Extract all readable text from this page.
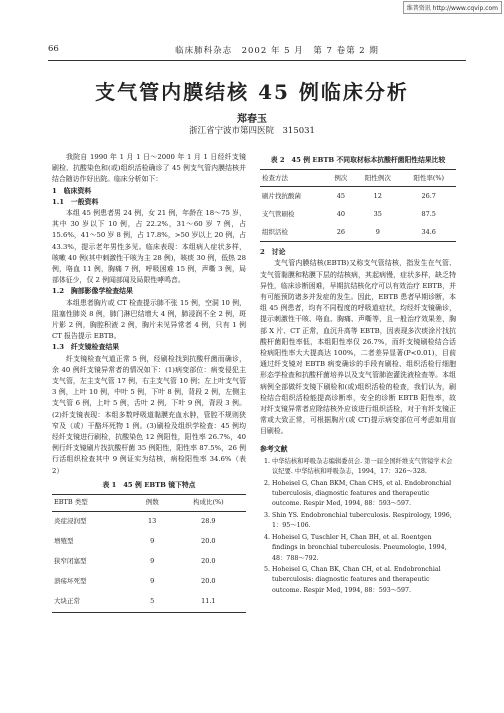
维普资讯 http://www.cqvip.com
66	临床肺科杂志　2002 年 5 月　第 7 卷第 2 期
支气管内膜结核 45 例临床分析
郑春玉
浙江省宁波市第四医院　315031

我院自 1990 年 1 月 1 日～2000 年 1 月 1 日经纤支镜刷检、抗酸染色和(或)组织活检确诊了 45 例支气管内膜结核并结合随访作好出院。临床分析如下：

1　临床资料

1.1　一般资料

本组 45 例患者男 24 例，女 21 例，年龄在 18～75 岁，其中 30 岁以下 10 例，占 22.2%，31～60 岁 7 例，占 15.6%，41～50 岁 8 例，占 17.8%，>50 岁以上 20 例，占 43.3%，提示老年男性多见。临床表现：本组病人症状多样，咳嗽 40 例(其中刺激性干咳为主 28 例)，咳痰 30 例，低热 28 例，咯血 11 例，胸痛 7 例，呼吸困难 15 例，声嘶 3 例，局部体征少，仅 2 例闻部闻及局限性哮鸣音。

1.2　胸部影像学检查结果

本组患者胸片或 CT 检查提示肺不张 15 例，空洞 10 例，阻塞性肺炎 8 例，肺门淋巴结增大 4 例，肺浸润不全 2 例，斑片影 2 例，胸腔积液 2 例，胸片未见异常者 4 例，只有 1 例 CT 报告提示 EBTB。

1.3　纤支镜检查结果

纤支镜检查气道正常 5 例，经刷检找到抗酸杆菌而确诊，余 40 例纤支镜异常者的情况如下：(1)病变部位：病变侵犯主支气管，左主支气管 17 例，右主支气管 10 例；左上叶支气管 3 例，上叶 10 例，中叶 5 例，下叶 8 例，背段 2 例，左侧主支气管 6 例，上叶 5 例，舌叶 2 例，下叶 9 例，背段 3 例。(2)纤支镜表现：本组多数呼吸道黏膜充血水肿，管腔不规则狭窄及（或）干酪坏死物 1 例。(3)刷检及组织学检查：45 例均经纤支镜进行刷检，抗酸染色 12 例阳性，阳性率 26.7%，40 例行纤支镜刷片找抗酸杆菌 35 例阳性，阳性率 87.5%，26 例行活组织检查其中 9 例证实为结核，病检阳性率 34.6%（表 2）

表 1　45 例 EBTB 镜下特点
EBTB 类型	例数	构成比(%)
炎症浸润型	13	28.9
增殖型	9	20.0
狭窄闭塞型	9	20.0
溃疡坏死型	9	20.0
大块正常	5	11.1
表 2　45 例 EBTB 不同取材标本抗酸杆菌阳性结果比较
检查方法	例次	阳性例次	阳性率(%)
刷片找抗酸菌	45	12	26.7
支气管刷检	40	35	87.5
组织活检	26	9	34.6

2　讨论

支气管内膜结核(EBTB)又称支气管结核，指发生在气管、支气管黏膜和粘膜下层的结核病，其起病慢，症状多样，缺乏特异性，临床诊断困难，早期抗结核化疗可以有效治疗 EBTB，并有可能预防诸多并发症的发生。因此，EBTB 患者早期诊断，本组 45 例患者，均有不同程度的呼吸道症状，均经纤支镜确诊，提示刺激性干咳、咯血、胸痛、声嘶等，且一般治疗效果差，胸部 X 片、CT 正常，血沉升高等 EBTB，因表现多次痰涂片找抗酸杆菌阳性率低，本组阳性率仅 26.7%，而纤支镜刷检结合活检病阳性率大大提高达 100%，二者差异显著(P<0.01)，目前通过纤支镜对 EBTB 病变确诊的手段有刷检、组织活检行细胞形态学检查和抗酸杆菌培养以及支气管肺泡灌洗液检查等。本组病例全部做纤支镜下刷检和(或)组织活检的检查，我们认为，刷检结合组织活检能提高诊断率，安全的诊断 EBTB 阳性率，故对纤支镜异常者应除结核外应该进行组织活检，对于有纤支镜正常或大致正常，可根据胸片(或 CT)提示病变部位可考虑如用盲目刷检。

参考文献
1. 中华结核和呼吸杂志编辑委员会. 第一届全国纤维支气管镜学术会议纪要. 中华结核和呼吸杂志，1994，17：326～328.
2. Hoheisel G, Chan BKM, Chan CHS, et al. Endobronchial tuberculosis, diagnostic features and therapeutic outcome. Respir Med, 1994, 88：593～597.
3. Shin YS. Endobronchial tuberculosis. Respirology, 1996, 1：95～106.
4. Hoheisel G, Tuschler H, Chan BH, et al. Roentgen findings in bronchial tuberculosis. Pneumologie, 1994, 48：788～792.
5. Hoheisel G, Chan BK, Chan CH, et al. Endobronchial tuberculosis: diagnostic features and therapeutic outcome. Respir Med, 1994, 88：593～597.
